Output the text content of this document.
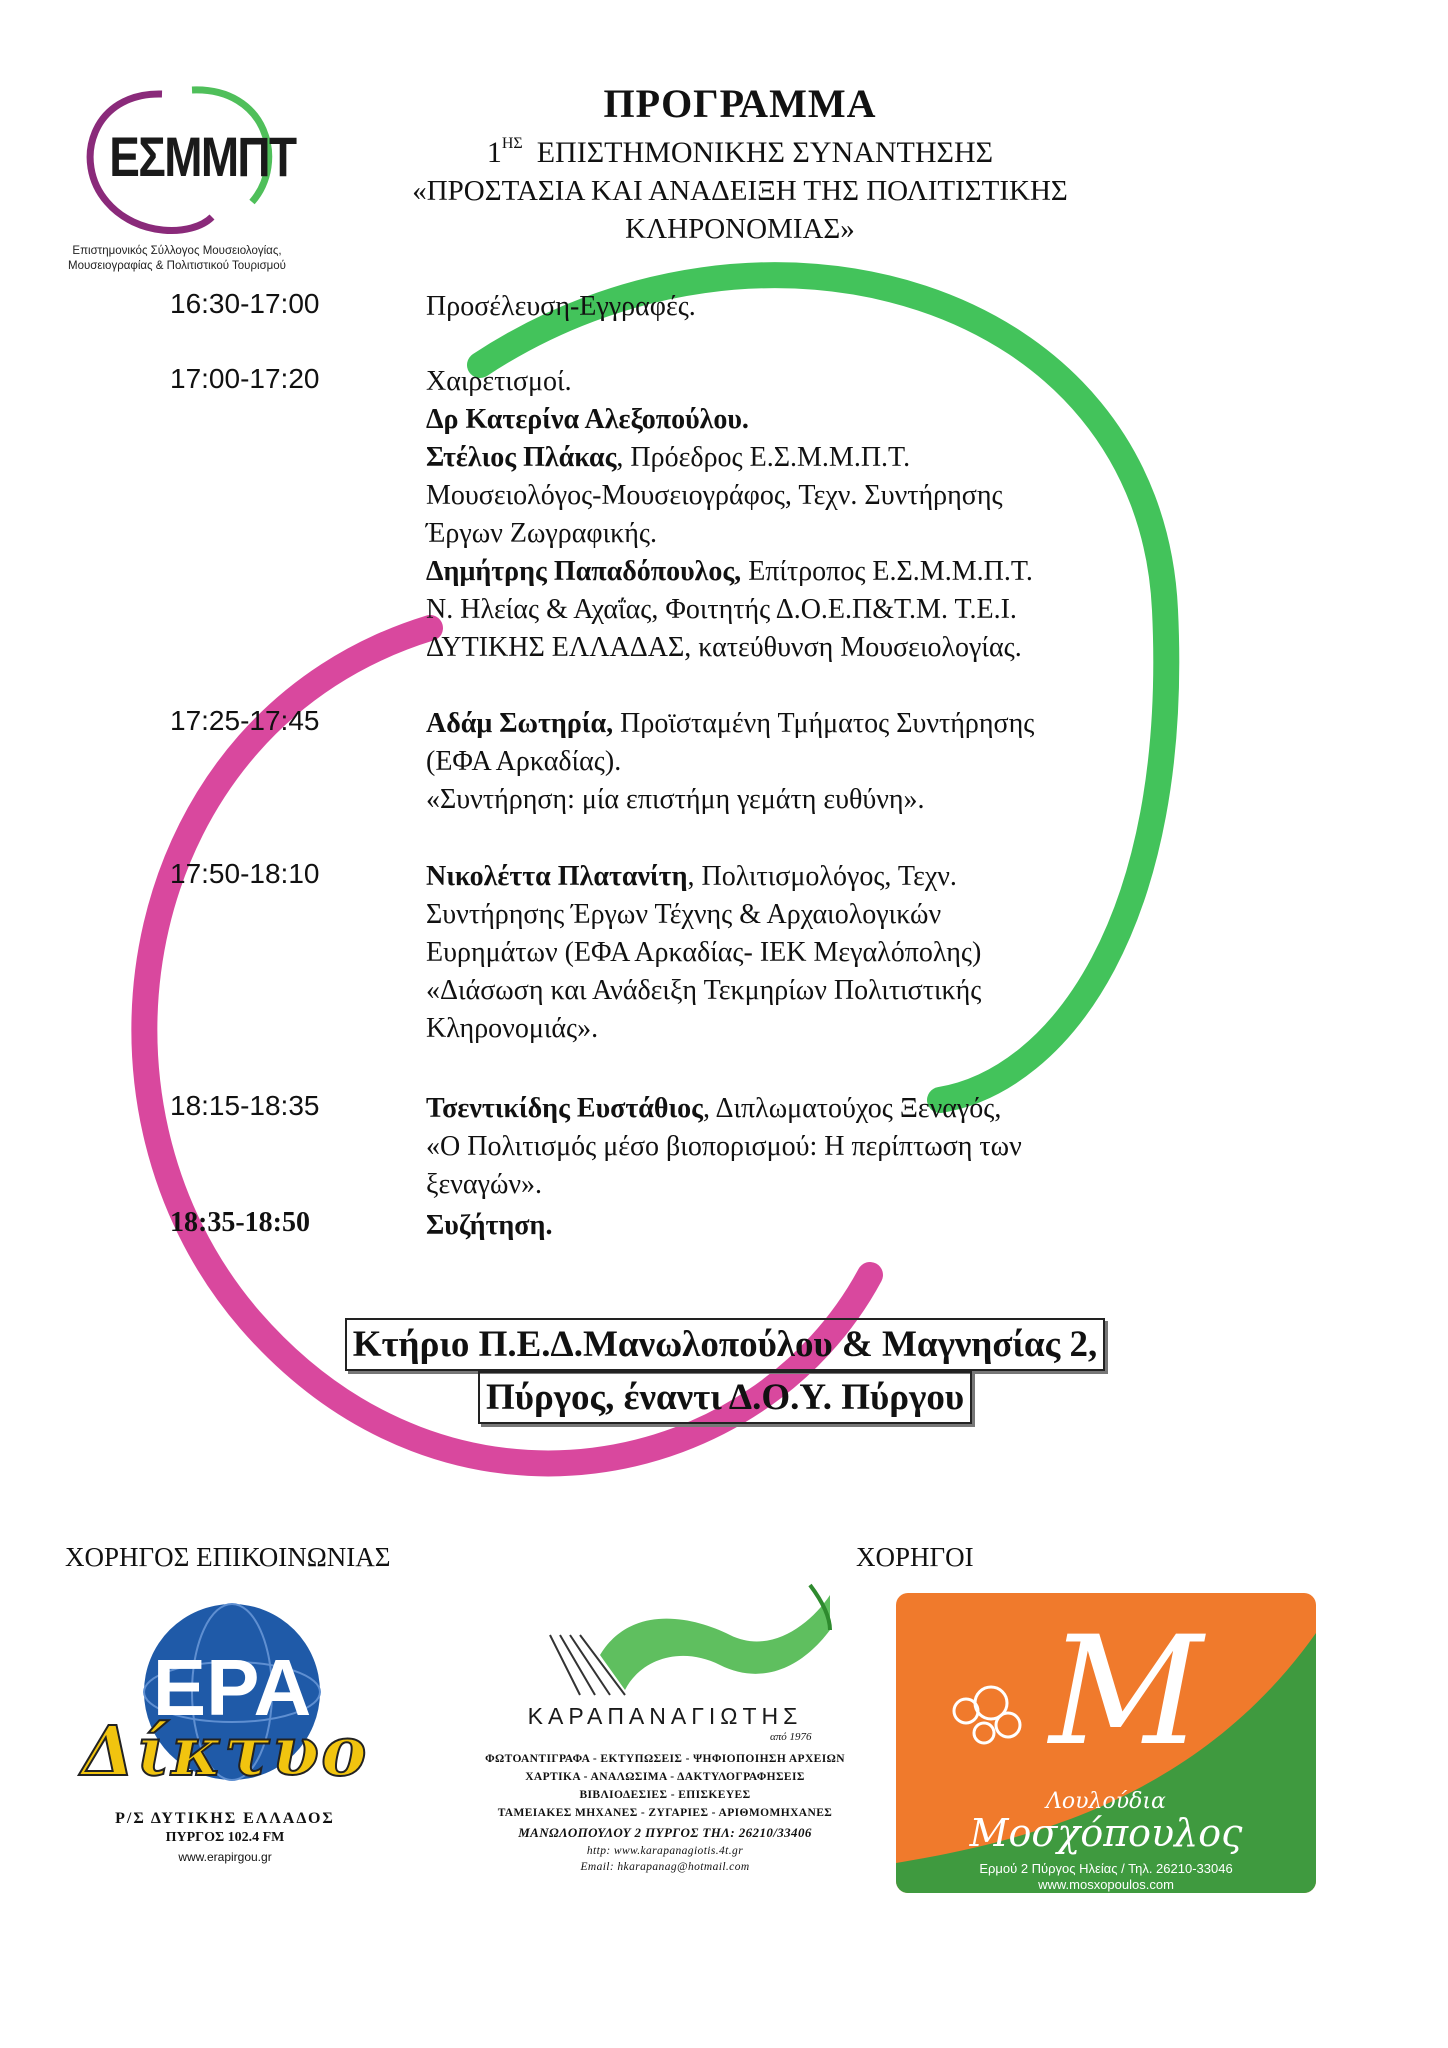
ΕΣΜΜΠΤ
Επιστημονικός Σύλλογος Μουσειολογίας,
Μουσειογραφίας & Πολιτιστικού Τουρισμού
ΠΡΟΓΡΑΜΜΑ
$1^{H\Sigma}$ ΕΠΙΣΤΗΜΟΝΙΚΗΣ ΣΥΝΑΝΤΗΣΗΣ
«ΠΡΟΣΤΑΣΙΑ ΚΑΙ ΑΝΑΔΕΙΞΗ ΤΗΣ ΠΟΛΙΤΙΣΤΙΚΗΣ
ΚΛΗΡΟΝΟΜΙΑΣ»
16:30-17:00	Προσέλευση-Εγγραφές.

17:00-17:20	Χαιρετισμοί.

Δρ Κατερίνα Αλεξοπούλου.

Στέλιος Πλάκας, Πρόεδρος Ε.Σ.Μ.Μ.Π.Τ.

Μουσειολόγος-Μουσειογράφος, Τεχν. Συντήρησης

Έργων Ζωγραφικής.

Δημήτρης Παπαδόπουλος, Επίτροπος Ε.Σ.Μ.Μ.Π.Τ.

Ν. Ηλείας & Αχαΐας, Φοιτητής Δ.Ο.Ε.Π&Τ.Μ. Τ.Ε.Ι.

ΔΥΤΙΚΗΣ ΕΛΛΑΔΑΣ, κατεύθυνση Μουσειολογίας.

17:25-17:45	Αδάμ Σωτηρία, Προϊσταμένη Τμήματος Συντήρησης

(ΕΦΑ Αρκαδίας).

«Συντήρηση: μία επιστήμη γεμάτη ευθύνη».

17:50-18:10	Νικολέττα Πλατανίτη, Πολιτισμολόγος, Τεχν.

Συντήρησης Έργων Τέχνης & Αρχαιολογικών

Ευρημάτων (ΕΦΑ Αρκαδίας- ΙΕΚ Μεγαλόπολης)

«Διάσωση και Ανάδειξη Τεκμηρίων Πολιτιστικής

Κληρονομιάς».

18:15-18:35	Τσεντικίδης Ευστάθιος, Διπλωματούχος Ξεναγός,

«Ο Πολιτισμός μέσο βιοπορισμού: Η περίπτωση των

ξεναγών».

18:35-18:50	Συζήτηση.

Κτήριο Π.Ε.Δ.Μανωλοπούλου & Μαγνησίας 2,
Πύργος, έναντι Δ.Ο.Υ. Πύργου
ΧΟΡΗΓΟΣ ΕΠΙΚΟΙΝΩΝΙΑΣ	ΧΟΡΗΓΟΙ
ΕΡΑ
Δίκτυο
Ρ/Σ ΔΥΤΙΚΗΣ ΕΛΛΑΔΟΣ
ΠΥΡΓΟΣ 102.4 FM
www.erapirgou.gr
ΚΑΡΑΠΑΝΑΓΙΩΤΗΣ
από 1976
ΦΩΤΟΑΝΤΙΓΡΑΦΑ - ΕΚΤΥΠΩΣΕΙΣ - ΨΗΦΙΟΠΟΙΗΣΗ ΑΡΧΕΙΩΝ
ΧΑΡΤΙΚΑ - ΑΝΑΛΩΣΙΜΑ - ΔΑΚΤΥΛΟΓΡΑΦΗΣΕΙΣ
ΒΙΒΛΙΟΔΕΣΙΕΣ - ΕΠΙΣΚΕΥΕΣ
ΤΑΜΕΙΑΚΕΣ ΜΗΧΑΝΕΣ - ΖΥΓΑΡΙΕΣ - ΑΡΙΘΜΟΜΗΧΑΝΕΣ
ΜΑΝΩΛΟΠΟΥΛΟΥ 2 ΠΥΡΓΟΣ ΤΗΛ: 26210/33406
http: www.karapanagiotis.4t.gr
Email: hkarapanag@hotmail.com
M
Λουλούδια
Μοσχόπουλος
Ερμού 2 Πύργος Ηλείας / Τηλ. 26210-33046
www.mosxopoulos.com
